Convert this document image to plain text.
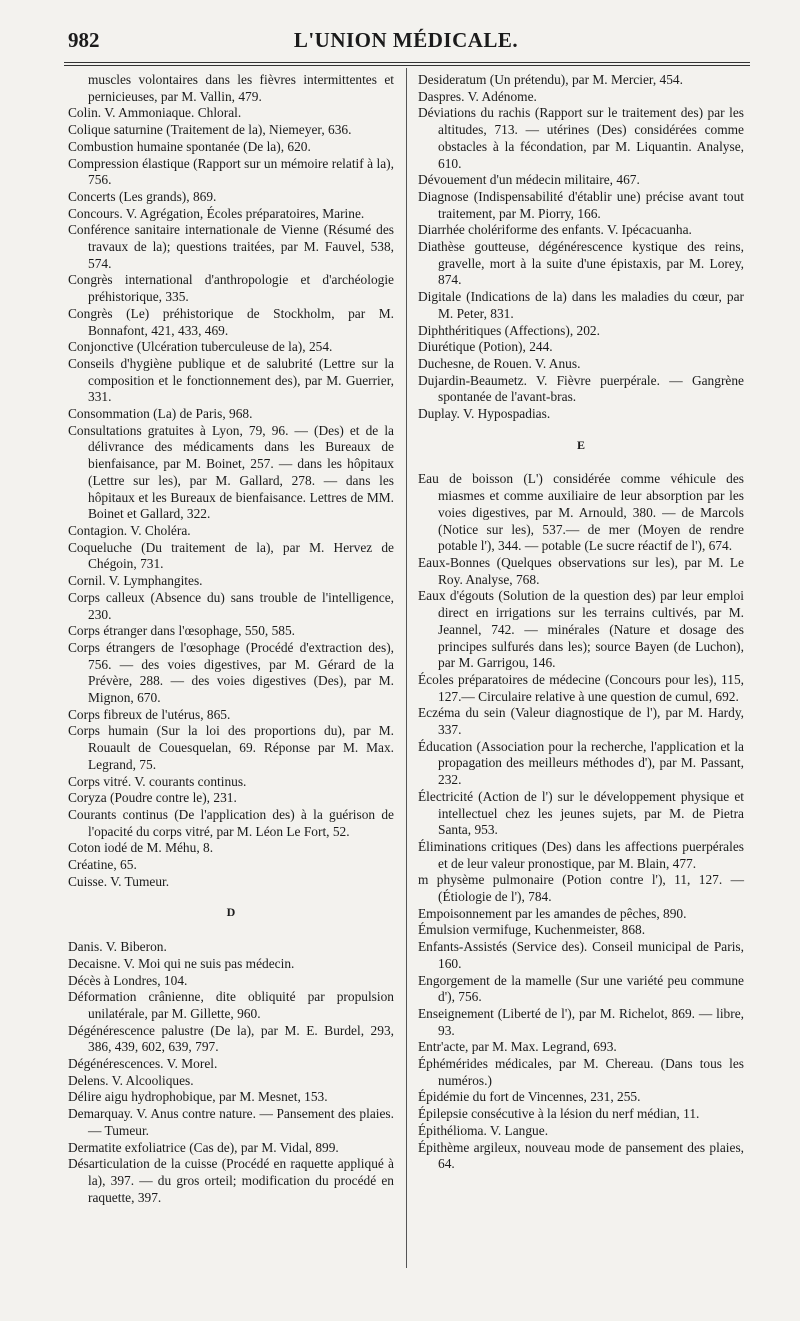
982	L'UNION MÉDICALE.
muscles volontaires dans les fièvres intermittentes et pernicieuses, par M. Vallin, 479.
Colin. V. Ammoniaque. Chloral.
Colique saturnine (Traitement de la), Niemeyer, 636.
Combustion humaine spontanée (De la), 620.
Compression élastique (Rapport sur un mémoire relatif à la), 756.
Concerts (Les grands), 869.
Concours. V. Agrégation, Écoles préparatoires, Marine.
Conférence sanitaire internationale de Vienne (Résumé des travaux de la); questions traitées, par M. Fauvel, 538, 574.
Congrès international d'anthropologie et d'archéologie préhistorique, 335.
Congrès (Le) préhistorique de Stockholm, par M. Bonnafont, 421, 433, 469.
Conjonctive (Ulcération tuberculeuse de la), 254.
Conseils d'hygiène publique et de salubrité (Lettre sur la composition et le fonctionnement des), par M. Guerrier, 331.
Consommation (La) de Paris, 968.
Consultations gratuites à Lyon, 79, 96. — (Des) et de la délivrance des médicaments dans les Bureaux de bienfaisance, par M. Boinet, 257. — dans les hôpitaux (Lettre sur les), par M. Gallard, 278. — dans les hôpitaux et les Bureaux de bienfaisance. Lettres de MM. Boinet et Gallard, 322.
Contagion. V. Choléra.
Coqueluche (Du traitement de la), par M. Hervez de Chégoin, 731.
Cornil. V. Lymphangites.
Corps calleux (Absence du) sans trouble de l'intelligence, 230.
Corps étranger dans l'œsophage, 550, 585.
Corps étrangers de l'œsophage (Procédé d'extraction des), 756. — des voies digestives, par M. Gérard de la Prévère, 288. — des voies digestives (Des), par M. Mignon, 670.
Corps fibreux de l'utérus, 865.
Corps humain (Sur la loi des proportions du), par M. Rouault de Couesquelan, 69. Réponse par M. Max. Legrand, 75.
Corps vitré. V. courants continus.
Coryza (Poudre contre le), 231.
Courants continus (De l'application des) à la guérison de l'opacité du corps vitré, par M. Léon Le Fort, 52.
Coton iodé de M. Méhu, 8.
Créatine, 65.
Cuisse. V. Tumeur.
D
Danis. V. Biberon.
Decaisne. V. Moi qui ne suis pas médecin.
Décès à Londres, 104.
Déformation crânienne, dite obliquité par propulsion unilatérale, par M. Gillette, 960.
Dégénérescence palustre (De la), par M. E. Burdel, 293, 386, 439, 602, 639, 797.
Dégénérescences. V. Morel.
Delens. V. Alcooliques.
Délire aigu hydrophobique, par M. Mesnet, 153.
Demarquay. V. Anus contre nature. — Pansement des plaies. — Tumeur.
Dermatite exfoliatrice (Cas de), par M. Vidal, 899.
Désarticulation de la cuisse (Procédé en raquette appliqué à la), 397. — du gros orteil; modification du procédé en raquette, 397.
Desideratum (Un prétendu), par M. Mercier, 454.
Daspres. V. Adénome.
Déviations du rachis (Rapport sur le traitement des) par les altitudes, 713. — utérines (Des) considérées comme obstacles à la fécondation, par M. Liquantin. Analyse, 610.
Dévouement d'un médecin militaire, 467.
Diagnose (Indispensabilité d'établir une) précise avant tout traitement, par M. Piorry, 166.
Diarrhée cholériforme des enfants. V. Ipécacuanha.
Diathèse goutteuse, dégénérescence kystique des reins, gravelle, mort à la suite d'une épistaxis, par M. Lorey, 874.
Digitale (Indications de la) dans les maladies du cœur, par M. Peter, 831.
Diphthéritiques (Affections), 202.
Diurétique (Potion), 244.
Duchesne, de Rouen. V. Anus.
Dujardin-Beaumetz. V. Fièvre puerpérale. — Gangrène spontanée de l'avant-bras.
Duplay. V. Hypospadias.
E
Eau de boisson (L') considérée comme véhicule des miasmes et comme auxiliaire de leur absorption par les voies digestives, par M. Arnould, 380. — de Marcols (Notice sur les), 537.— de mer (Moyen de rendre potable l'), 344. — potable (Le sucre réactif de l'), 674.
Eaux-Bonnes (Quelques observations sur les), par M. Le Roy. Analyse, 768.
Eaux d'égouts (Solution de la question des) par leur emploi direct en irrigations sur les terrains cultivés, par M. Jeannel, 742. — minérales (Nature et dosage des principes sulfurés dans les); source Bayen (de Luchon), par M. Garrigou, 146.
Écoles préparatoires de médecine (Concours pour les), 115, 127.— Circulaire relative à une question de cumul, 692.
Eczéma du sein (Valeur diagnostique de l'), par M. Hardy, 337.
Éducation (Association pour la recherche, l'application et la propagation des meilleurs méthodes d'), par M. Passant, 232.
Électricité (Action de l') sur le développement physique et intellectuel chez les jeunes sujets, par M. de Pietra Santa, 953.
Éliminations critiques (Des) dans les affections puerpérales et de leur valeur pronostique, par M. Blain, 477.
m physème pulmonaire (Potion contre l'), 11, 127. — (Étiologie de l'), 784.
Empoisonnement par les amandes de pêches, 890.
Émulsion vermifuge, Kuchenmeister, 868.
Enfants-Assistés (Service des). Conseil municipal de Paris, 160.
Engorgement de la mamelle (Sur une variété peu commune d'), 756.
Enseignement (Liberté de l'), par M. Richelot, 869. — libre, 93.
Entr'acte, par M. Max. Legrand, 693.
Éphémérides médicales, par M. Chereau. (Dans tous les numéros.)
Épidémie du fort de Vincennes, 231, 255.
Épilepsie consécutive à la lésion du nerf médian, 11.
Épithélioma. V. Langue.
Épithème argileux, nouveau mode de pansement des plaies, 64.
